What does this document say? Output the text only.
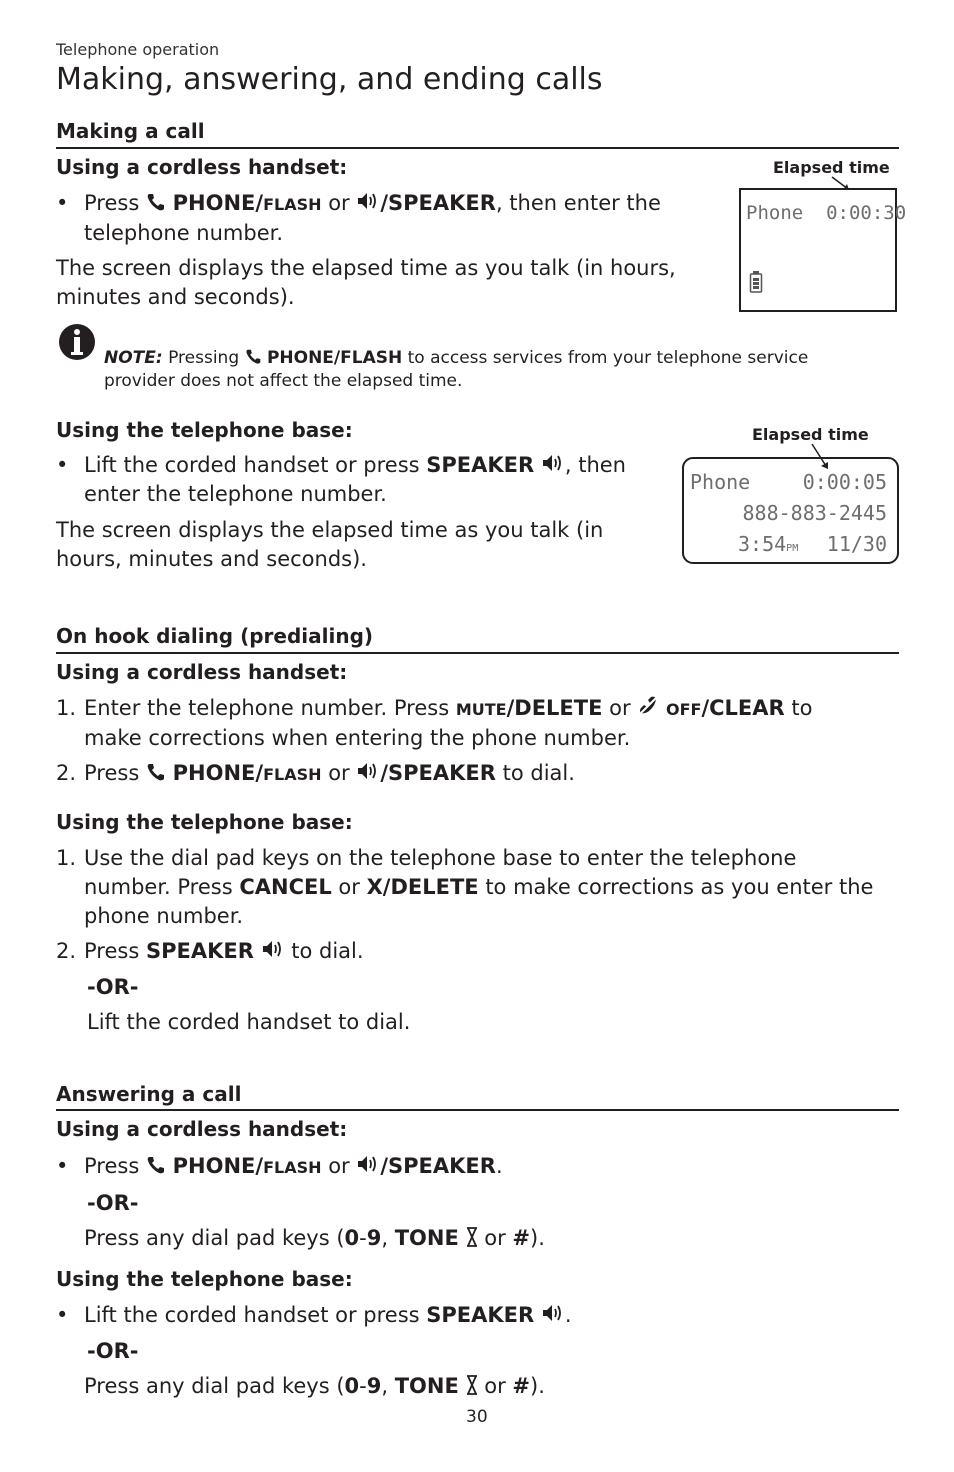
Telephone operation
Making, answering, and ending calls
Making a call
Using a cordless handset:
• Press PHONE/FLASH or /SPEAKER, then enter the
telephone number.
The screen displays the elapsed time as you talk (in hours,
minutes and seconds).
Elapsed time
Phone  0:00:30
NOTE: Pressing  PHONE/FLASH to access services from your telephone service
provider does not affect the elapsed time.
Using the telephone base:
• Lift the corded handset or press SPEAKER , then
enter the telephone number.
The screen displays the elapsed time as you talk (in
hours, minutes and seconds).
Elapsed time
Phone	0:00:05
888-883-2445
3:54PM 11/30
On hook dialing (predialing)
Using a cordless handset:
1. Enter the telephone number. Press MUTE/DELETE or OFF/CLEAR to
make corrections when entering the phone number.
2. Press PHONE/FLASH or /SPEAKER to dial.
Using the telephone base:
1. Use the dial pad keys on the telephone base to enter the telephone
number. Press CANCEL or X/DELETE to make corrections as you enter the
phone number.
2. Press SPEAKER to dial.
-OR-
Lift the corded handset to dial.
Answering a call
Using a cordless handset:
• Press PHONE/FLASH or /SPEAKER.
-OR-
Press any dial pad keys (0-9, TONE or #).
Using the telephone base:
• Lift the corded handset or press SPEAKER .
-OR-
Press any dial pad keys (0-9, TONE or #).
30
